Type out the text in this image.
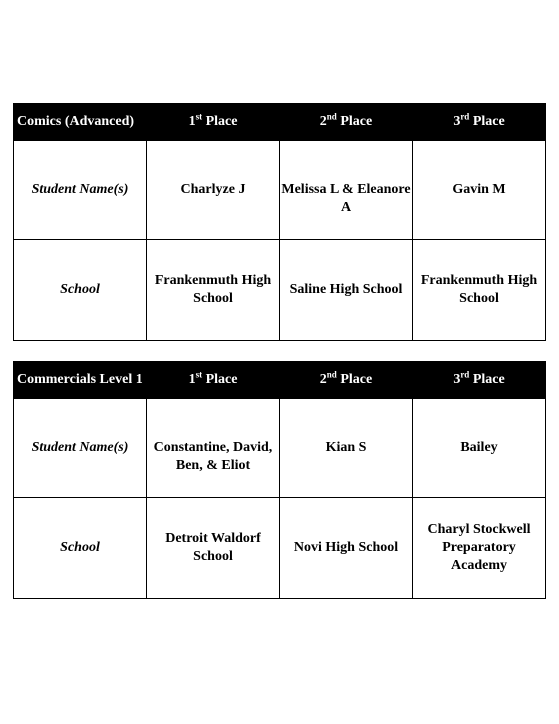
Comics (Advanced)	1st Place	2nd Place	3rd Place
Student Name(s)	Charlyze J	Melissa L & Eleanore A	Gavin M
School	Frankenmuth High School	Saline High School	Frankenmuth High School
Commercials Level 1	1st Place	2nd Place	3rd Place
Student Name(s)	Constantine, David, Ben, & Eliot	Kian S	Bailey
School	Detroit Waldorf School	Novi High School	Charyl Stockwell Preparatory Academy
